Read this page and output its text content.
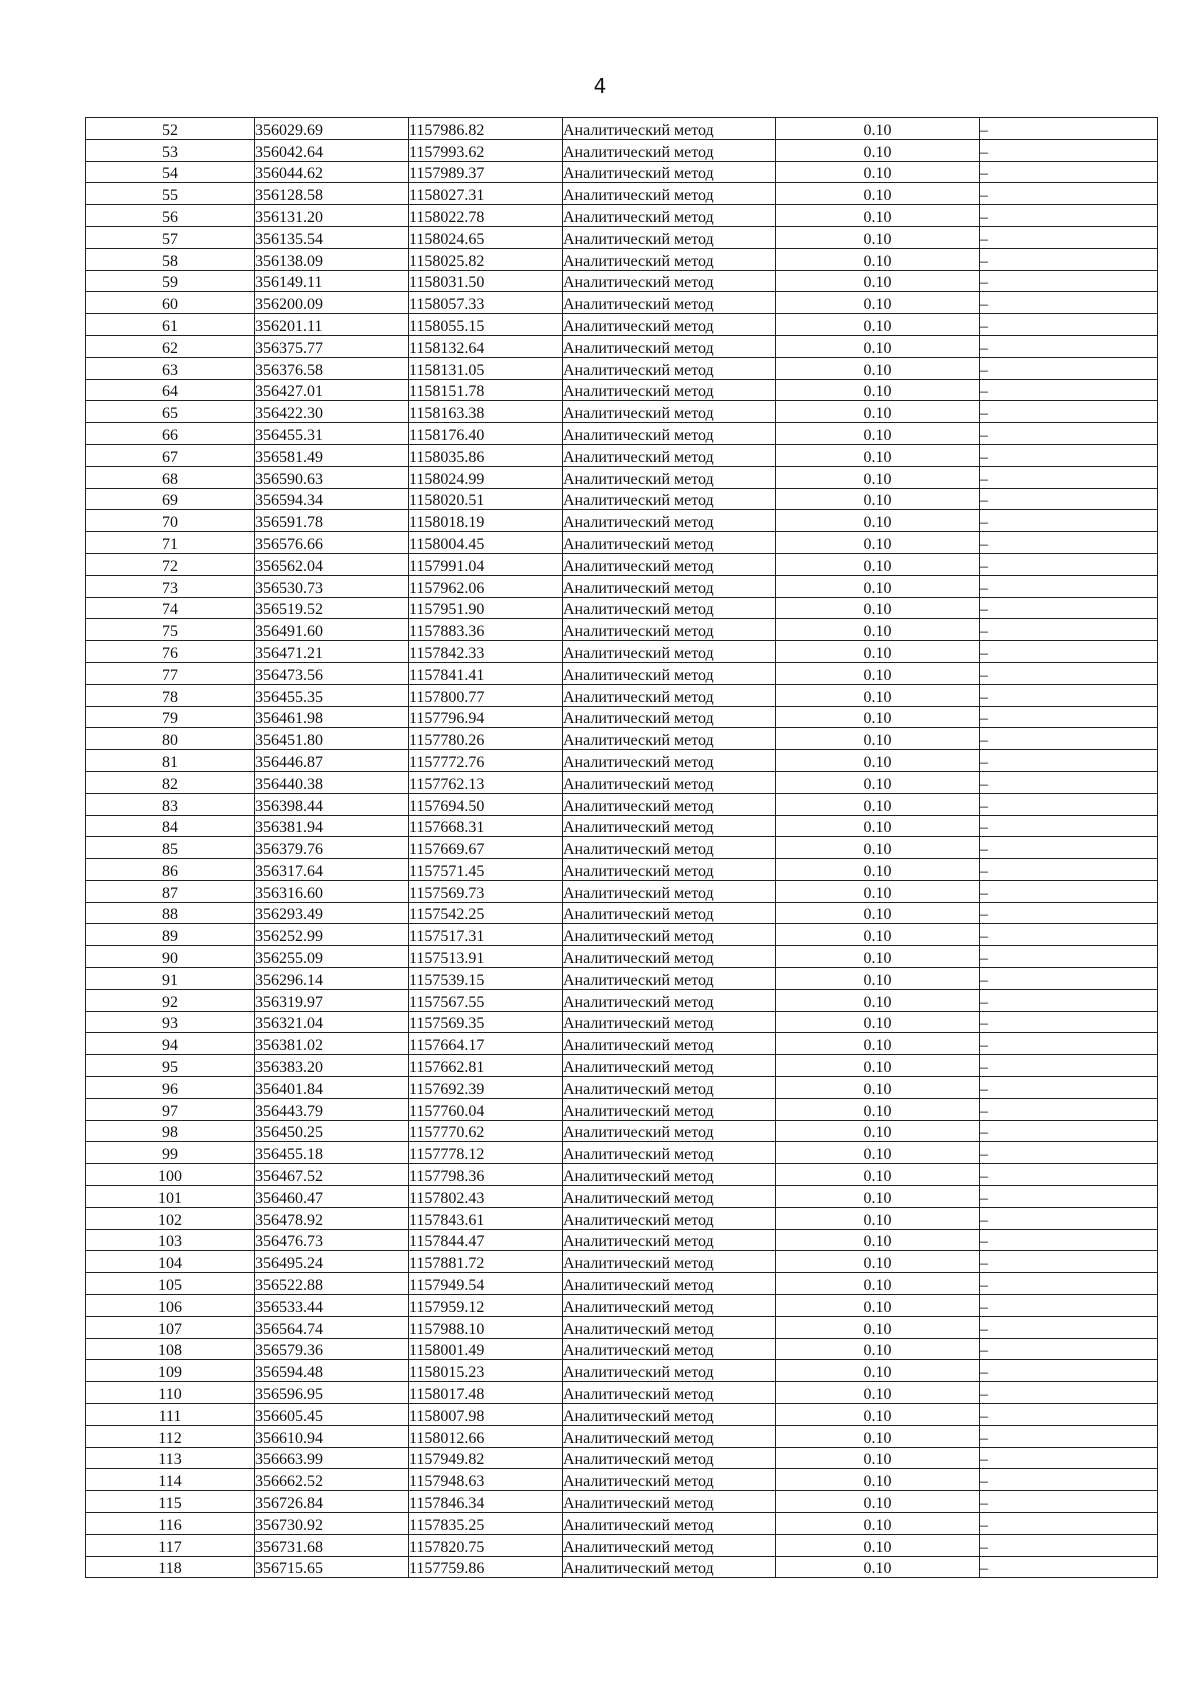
4
52	356029.69	1157986.82	Аналитический метод	0.10	–
53	356042.64	1157993.62	Аналитический метод	0.10	–
54	356044.62	1157989.37	Аналитический метод	0.10	–
55	356128.58	1158027.31	Аналитический метод	0.10	–
56	356131.20	1158022.78	Аналитический метод	0.10	–
57	356135.54	1158024.65	Аналитический метод	0.10	–
58	356138.09	1158025.82	Аналитический метод	0.10	–
59	356149.11	1158031.50	Аналитический метод	0.10	–
60	356200.09	1158057.33	Аналитический метод	0.10	–
61	356201.11	1158055.15	Аналитический метод	0.10	–
62	356375.77	1158132.64	Аналитический метод	0.10	–
63	356376.58	1158131.05	Аналитический метод	0.10	–
64	356427.01	1158151.78	Аналитический метод	0.10	–
65	356422.30	1158163.38	Аналитический метод	0.10	–
66	356455.31	1158176.40	Аналитический метод	0.10	–
67	356581.49	1158035.86	Аналитический метод	0.10	–
68	356590.63	1158024.99	Аналитический метод	0.10	–
69	356594.34	1158020.51	Аналитический метод	0.10	–
70	356591.78	1158018.19	Аналитический метод	0.10	–
71	356576.66	1158004.45	Аналитический метод	0.10	–
72	356562.04	1157991.04	Аналитический метод	0.10	–
73	356530.73	1157962.06	Аналитический метод	0.10	–
74	356519.52	1157951.90	Аналитический метод	0.10	–
75	356491.60	1157883.36	Аналитический метод	0.10	–
76	356471.21	1157842.33	Аналитический метод	0.10	–
77	356473.56	1157841.41	Аналитический метод	0.10	–
78	356455.35	1157800.77	Аналитический метод	0.10	–
79	356461.98	1157796.94	Аналитический метод	0.10	–
80	356451.80	1157780.26	Аналитический метод	0.10	–
81	356446.87	1157772.76	Аналитический метод	0.10	–
82	356440.38	1157762.13	Аналитический метод	0.10	–
83	356398.44	1157694.50	Аналитический метод	0.10	–
84	356381.94	1157668.31	Аналитический метод	0.10	–
85	356379.76	1157669.67	Аналитический метод	0.10	–
86	356317.64	1157571.45	Аналитический метод	0.10	–
87	356316.60	1157569.73	Аналитический метод	0.10	–
88	356293.49	1157542.25	Аналитический метод	0.10	–
89	356252.99	1157517.31	Аналитический метод	0.10	–
90	356255.09	1157513.91	Аналитический метод	0.10	–
91	356296.14	1157539.15	Аналитический метод	0.10	–
92	356319.97	1157567.55	Аналитический метод	0.10	–
93	356321.04	1157569.35	Аналитический метод	0.10	–
94	356381.02	1157664.17	Аналитический метод	0.10	–
95	356383.20	1157662.81	Аналитический метод	0.10	–
96	356401.84	1157692.39	Аналитический метод	0.10	–
97	356443.79	1157760.04	Аналитический метод	0.10	–
98	356450.25	1157770.62	Аналитический метод	0.10	–
99	356455.18	1157778.12	Аналитический метод	0.10	–
100	356467.52	1157798.36	Аналитический метод	0.10	–
101	356460.47	1157802.43	Аналитический метод	0.10	–
102	356478.92	1157843.61	Аналитический метод	0.10	–
103	356476.73	1157844.47	Аналитический метод	0.10	–
104	356495.24	1157881.72	Аналитический метод	0.10	–
105	356522.88	1157949.54	Аналитический метод	0.10	–
106	356533.44	1157959.12	Аналитический метод	0.10	–
107	356564.74	1157988.10	Аналитический метод	0.10	–
108	356579.36	1158001.49	Аналитический метод	0.10	–
109	356594.48	1158015.23	Аналитический метод	0.10	–
110	356596.95	1158017.48	Аналитический метод	0.10	–
111	356605.45	1158007.98	Аналитический метод	0.10	–
112	356610.94	1158012.66	Аналитический метод	0.10	–
113	356663.99	1157949.82	Аналитический метод	0.10	–
114	356662.52	1157948.63	Аналитический метод	0.10	–
115	356726.84	1157846.34	Аналитический метод	0.10	–
116	356730.92	1157835.25	Аналитический метод	0.10	–
117	356731.68	1157820.75	Аналитический метод	0.10	–
118	356715.65	1157759.86	Аналитический метод	0.10	–
